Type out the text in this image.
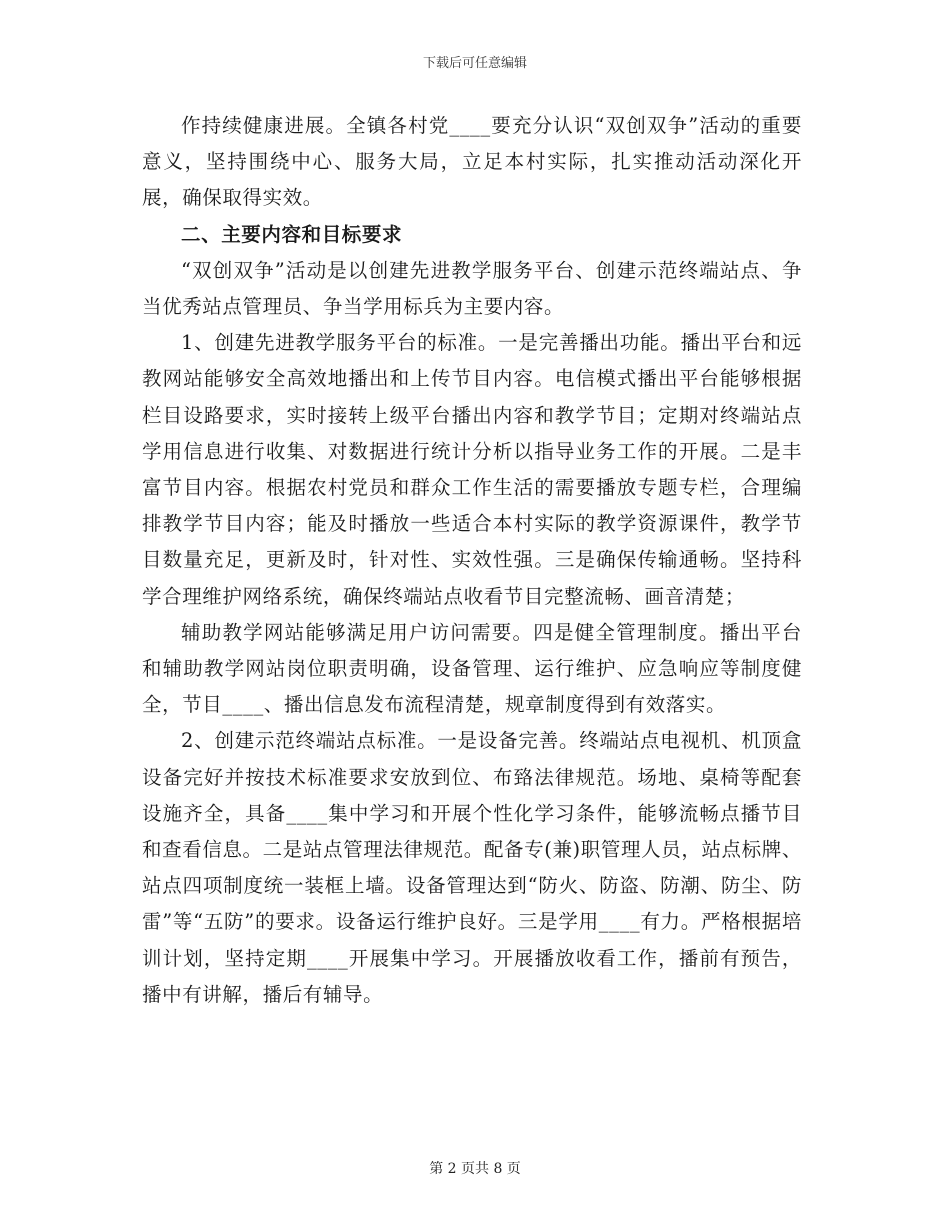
下载后可任意编辑

作持续健康进展。全镇各村党____要充分认识“双创双争”活动的重要意义，坚持围绕中心、服务大局，立足本村实际，扎实推动活动深化开展，确保取得实效。

二、主要内容和目标要求

“双创双争”活动是以创建先进教学服务平台、创建示范终端站点、争当优秀站点管理员、争当学用标兵为主要内容。

1、创建先进教学服务平台的标准。一是完善播出功能。播出平台和远教网站能够安全高效地播出和上传节目内容。电信模式播出平台能够根据栏目设路要求，实时接转上级平台播出内容和教学节目；定期对终端站点学用信息进行收集、对数据进行统计分析以指导业务工作的开展。二是丰富节目内容。根据农村党员和群众工作生活的需要播放专题专栏，合理编排教学节目内容；能及时播放一些适合本村实际的教学资源课件，教学节目数量充足，更新及时，针对性、实效性强。三是确保传输通畅。坚持科学合理维护网络系统，确保终端站点收看节目完整流畅、画音清楚；

辅助教学网站能够满足用户访问需要。四是健全管理制度。播出平台和辅助教学网站岗位职责明确，设备管理、运行维护、应急响应等制度健全，节目____、播出信息发布流程清楚，规章制度得到有效落实。

2、创建示范终端站点标准。一是设备完善。终端站点电视机、机顶盒设备完好并按技术标准要求安放到位、布臵法律规范。场地、桌椅等配套设施齐全，具备____集中学习和开展个性化学习条件，能够流畅点播节目和查看信息。二是站点管理法律规范。配备专(兼)职管理人员，站点标牌、站点四项制度统一装框上墙。设备管理达到“防火、防盗、防潮、防尘、防雷”等“五防”的要求。设备运行维护良好。三是学用____有力。严格根据培训计划，坚持定期____开展集中学习。开展播放收看工作，播前有预告，播中有讲解，播后有辅导。

第 2 页共 8 页
